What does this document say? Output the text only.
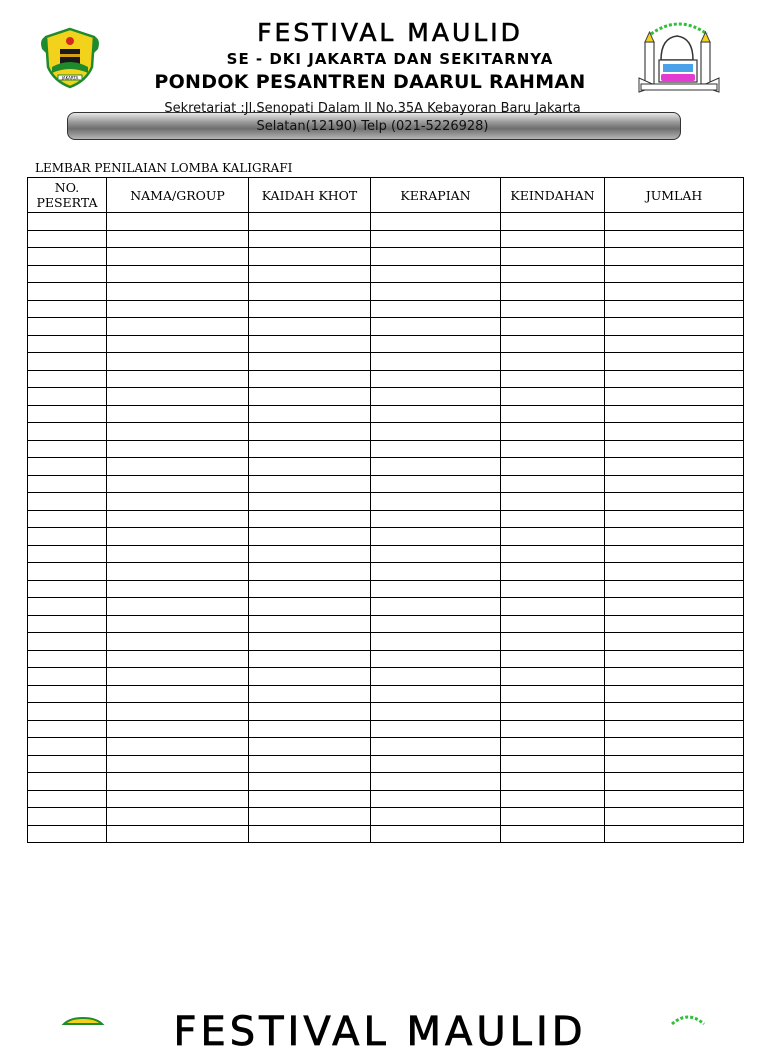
JAKARTA
FESTIVAL MAULID
SE - DKI JAKARTA DAN SEKITARNYA
PONDOK PESANTREN DAARUL RAHMAN
Sekretariat :Jl.Senopati Dalam II No.35A Kebayoran Baru Jakarta
Selatan(12190) Telp (021-5226928)
LEMBAR PENILAIAN LOMBA KALIGRAFI
NO.
PESERTA	NAMA/GROUP	KAIDAH KHOT	KERAPIAN	KEINDAHAN	JUMLAH

FESTIVAL MAULID
